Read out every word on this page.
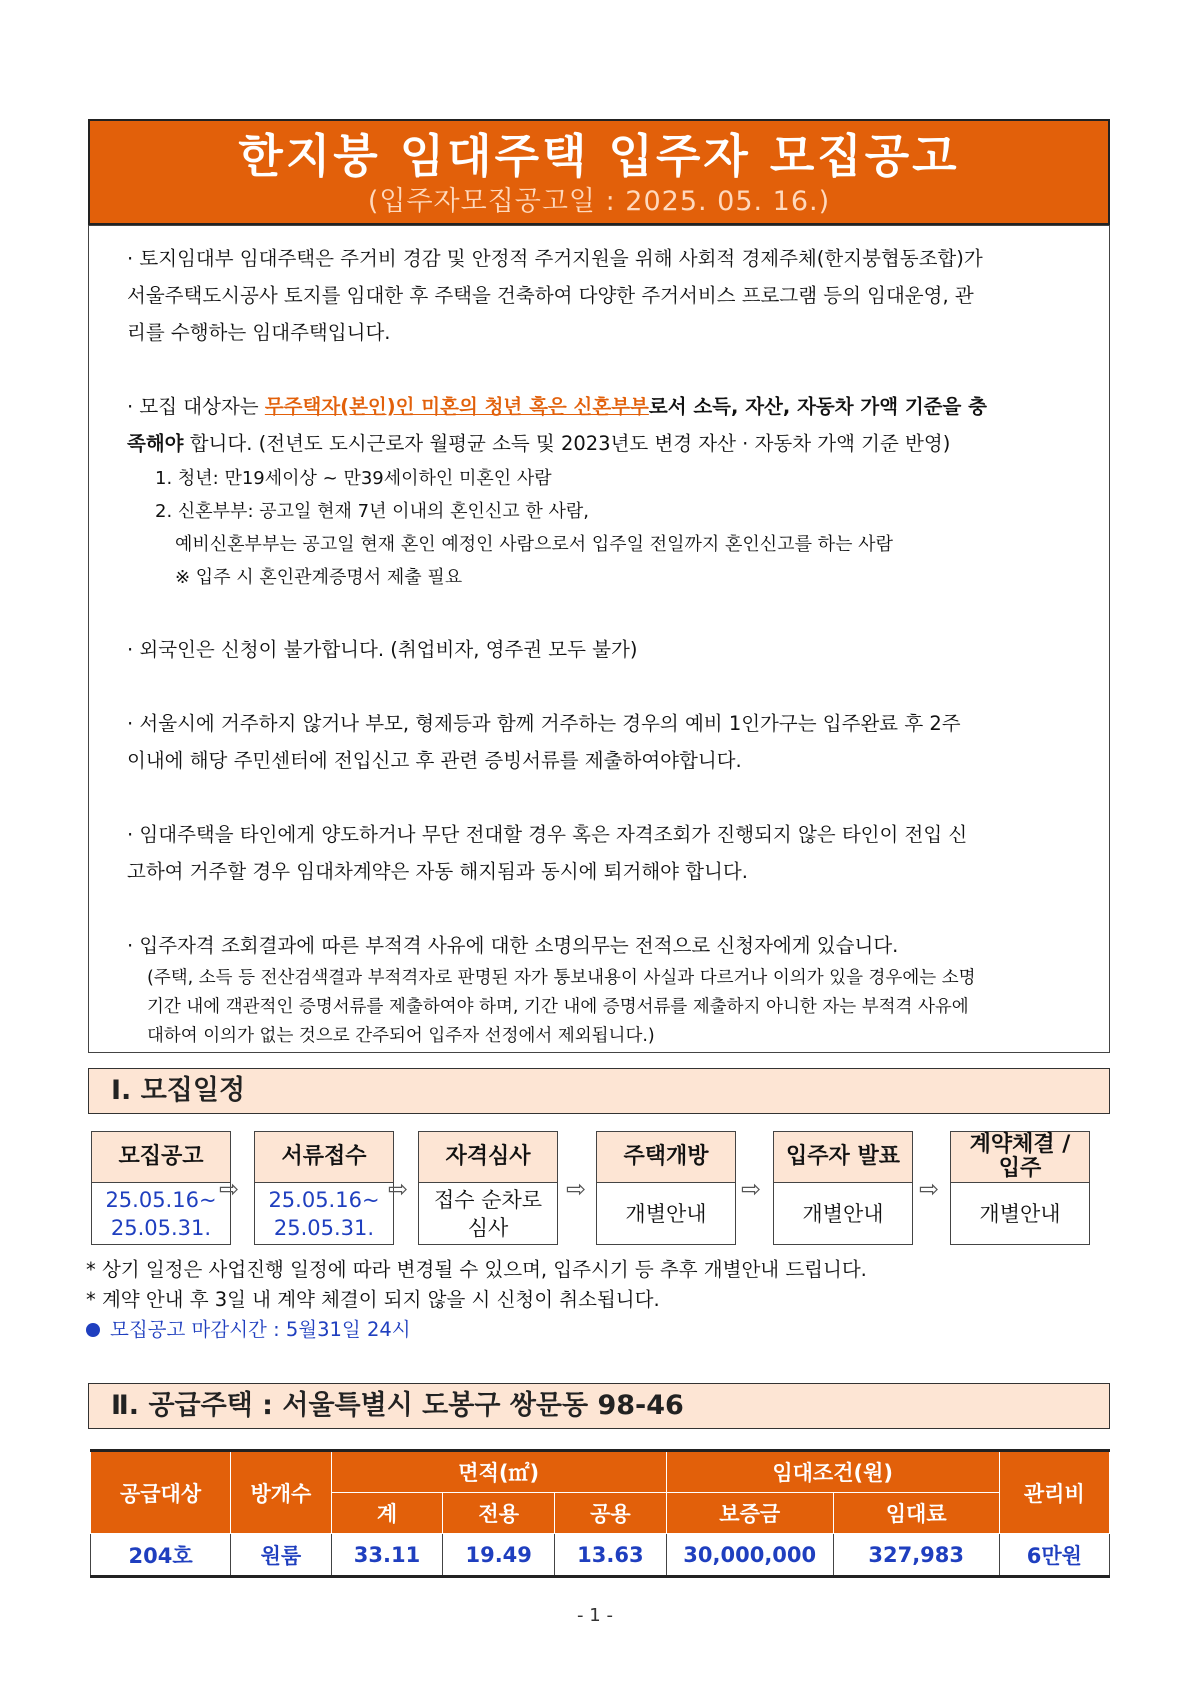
한지붕 임대주택 입주자 모집공고
(입주자모집공고일 : 2025. 05. 16.)

· 토지임대부 임대주택은 주거비 경감 및 안정적 주거지원을 위해 사회적 경제주체(한지붕협동조합)가

서울주택도시공사 토지를 임대한 후 주택을 건축하여 다양한 주거서비스 프로그램 등의 임대운영, 관

리를 수행하는 임대주택입니다.

· 모집 대상자는 무주택자(본인)인 미혼의 청년 혹은 신혼부부로서 소득, 자산, 자동차 가액 기준을 충

족해야 합니다. (전년도 도시근로자 월평균 소득 및 2023년도 변경 자산 · 자동차 가액 기준 반영)

1. 청년: 만19세이상 ~ 만39세이하인 미혼인 사람

2. 신혼부부: 공고일 현재 7년 이내의 혼인신고 한 사람,

예비신혼부부는 공고일 현재 혼인 예정인 사람으로서 입주일 전일까지 혼인신고를 하는 사람

※ 입주 시 혼인관계증명서 제출 필요

· 외국인은 신청이 불가합니다. (취업비자, 영주권 모두 불가)

· 서울시에 거주하지 않거나 부모, 형제등과 함께 거주하는 경우의 예비 1인가구는 입주완료 후 2주

이내에 해당 주민센터에 전입신고 후 관련 증빙서류를 제출하여야합니다.

· 임대주택을 타인에게 양도하거나 무단 전대할 경우 혹은 자격조회가 진행되지 않은 타인이 전입 신

고하여 거주할 경우 임대차계약은 자동 해지됨과 동시에 퇴거해야 합니다.

· 입주자격 조회결과에 따른 부적격 사유에 대한 소명의무는 전적으로 신청자에게 있습니다.

(주택, 소득 등 전산검색결과 부적격자로 판명된 자가 통보내용이 사실과 다르거나 이의가 있을 경우에는 소명

기간 내에 객관적인 증명서류를 제출하여야 하며, 기간 내에 증명서류를 제출하지 아니한 자는 부적격 사유에

대하여 이의가 없는 것으로 간주되어 입주자 선정에서 제외됩니다.)

Ⅰ. 모집일정
모집공고
25.05.16~
25.05.31.
⇨
서류접수
25.05.16~
25.05.31.
⇨
자격심사
접수 순차로
심사
⇨
주택개방
개별안내
⇨
입주자 발표
개별안내
⇨
계약체결 /
입주
개별안내
* 상기 일정은 사업진행 일정에 따라 변경될 수 있으며, 입주시기 등 추후 개별안내 드립니다.
* 계약 안내 후 3일 내 계약 체결이 되지 않을 시 신청이 취소됩니다.
모집공고 마감시간 : 5월31일 24시
Ⅱ. 공급주택 : 서울특별시 도봉구 쌍문동 98-46
공급대상	방개수	면적(㎡)			임대조건(원)		관리비
		계	전용	공용	보증금	임대료	
204호	원룸	33.11	19.49	13.63	30,000,000	327,983	6만원
- 1 -
